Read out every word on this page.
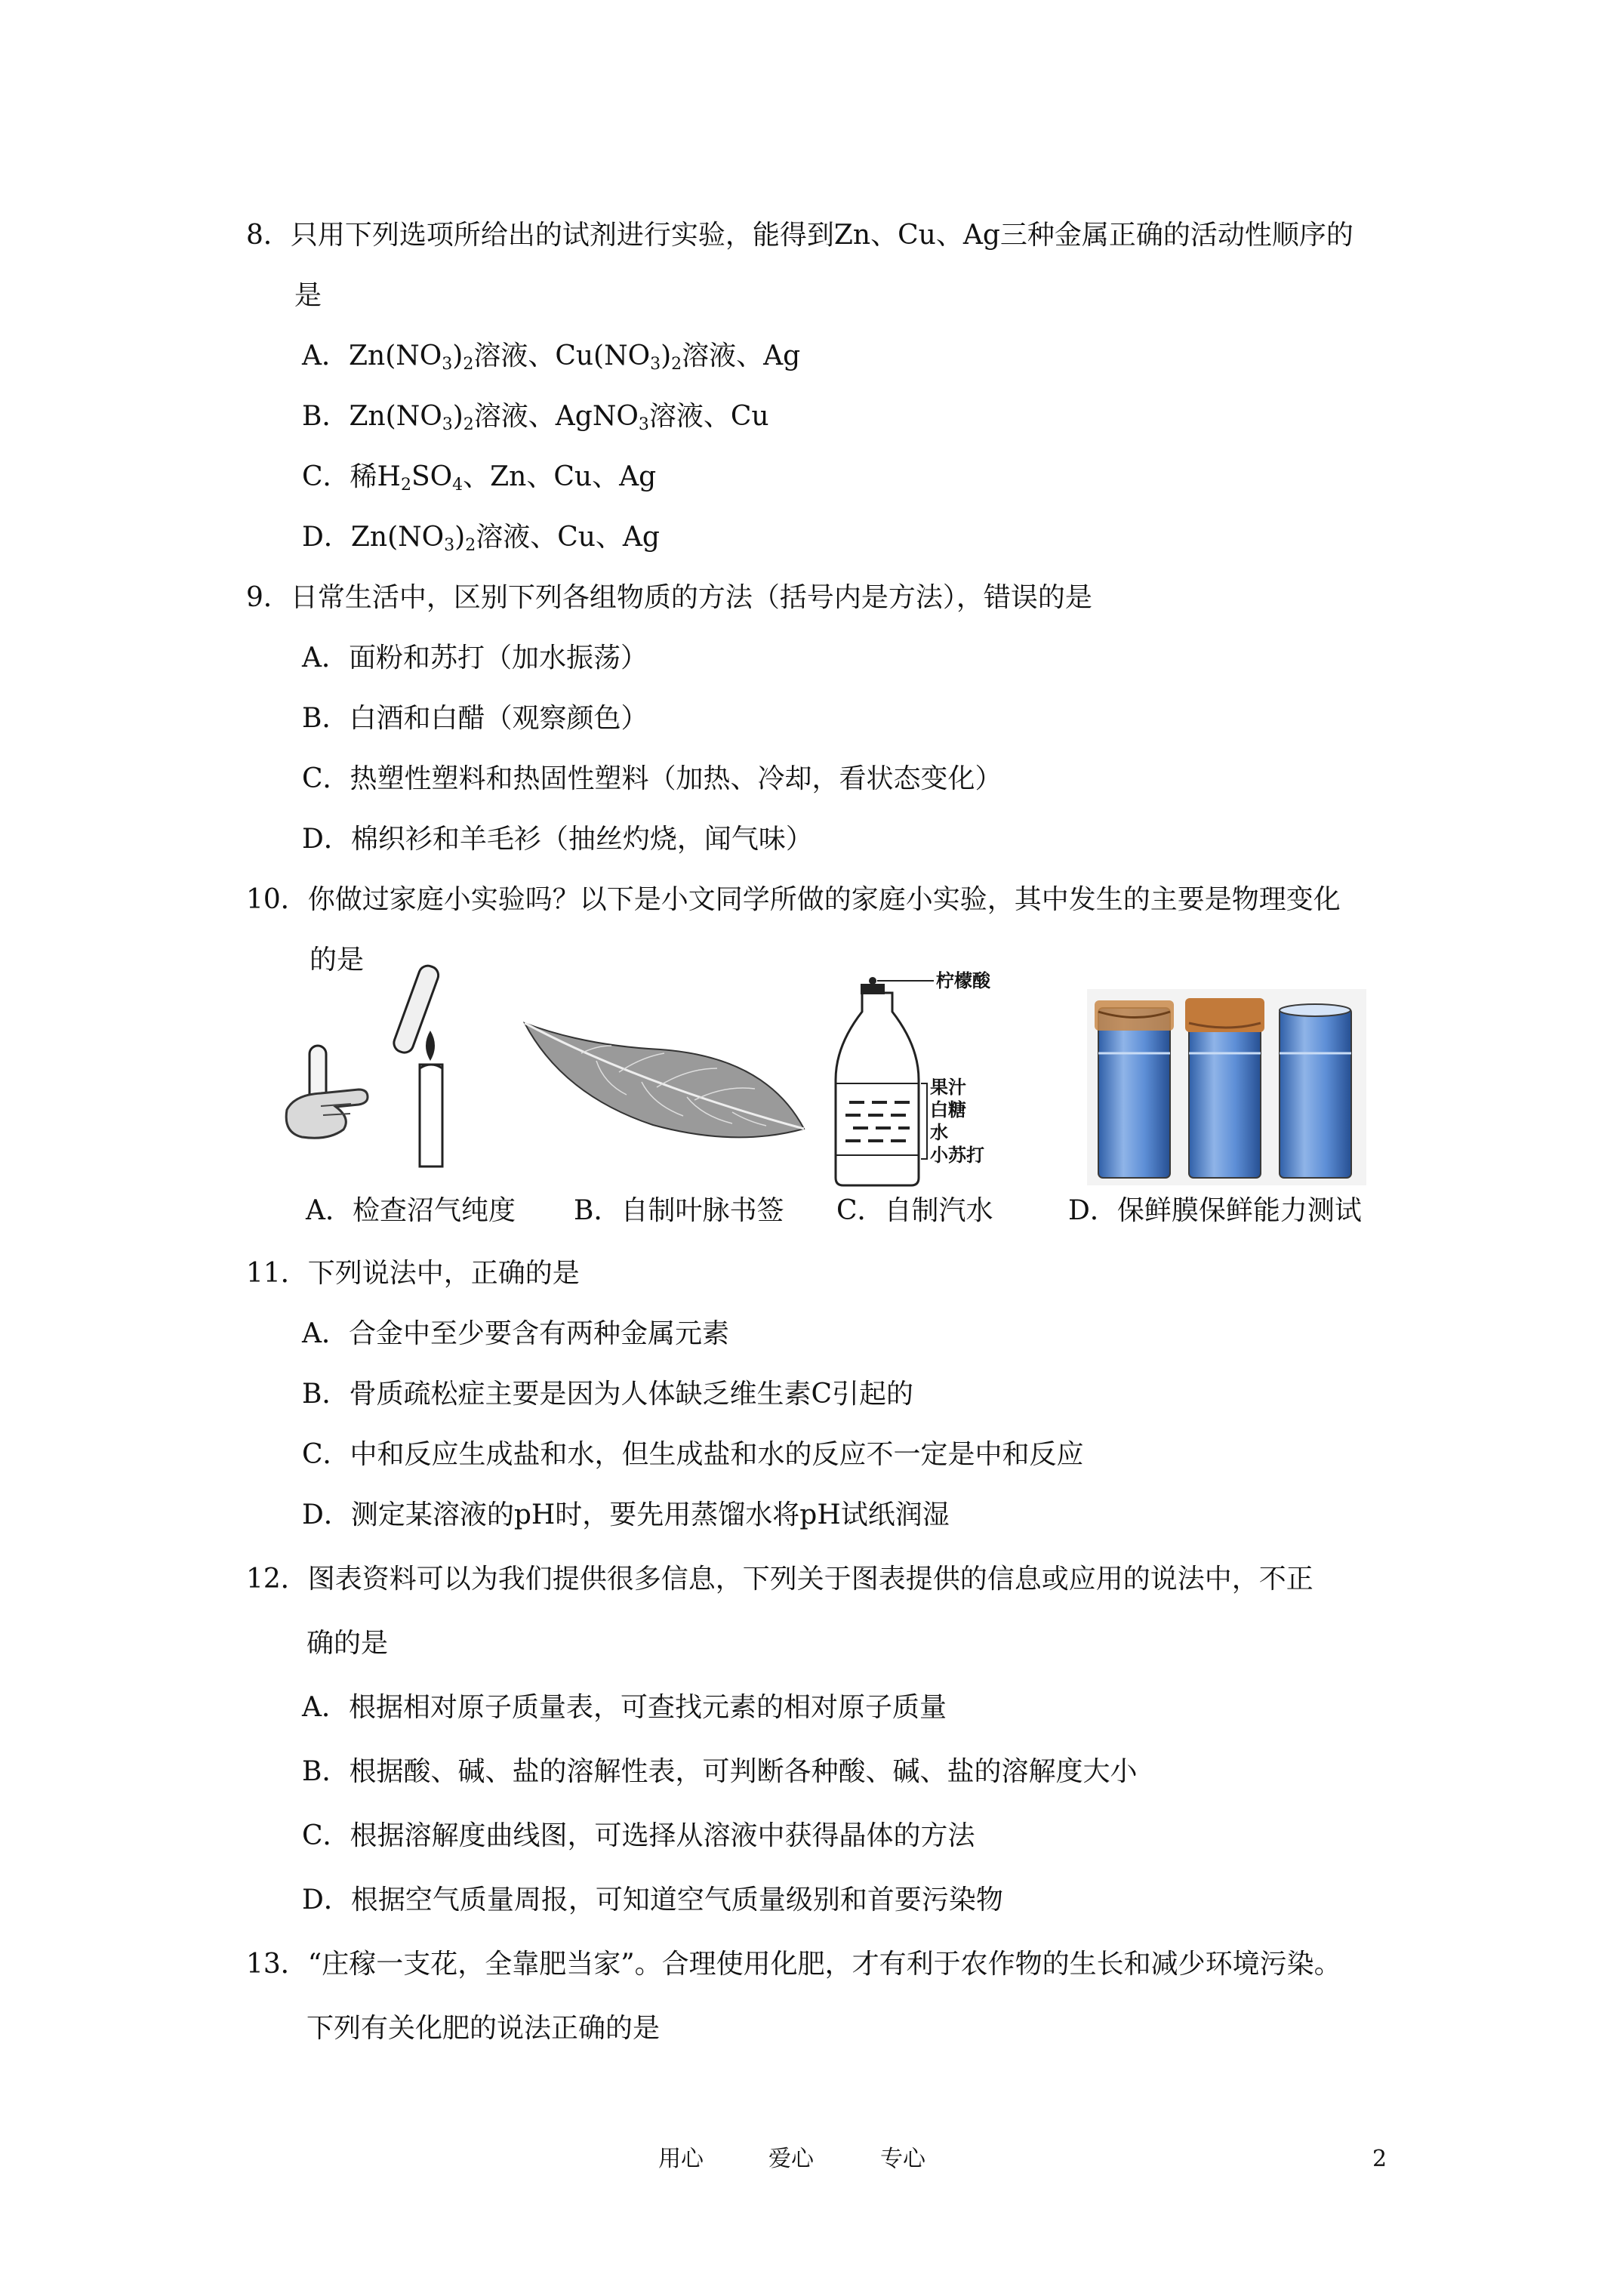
8．只用下列选项所给出的试剂进行实验，能得到Zn、Cu、Ag三种金属正确的活动性顺序的
是
A．$Zn(NO_3)_2$溶液、$Cu(NO_3)_2$溶液、Ag
B．$Zn(NO_3)_2$溶液、AgNO$_3$溶液、Cu
C．稀$H_2SO_4$、Zn、Cu、Ag
D．$Zn(NO_3)_2$溶液、Cu、Ag
9．日常生活中，区别下列各组物质的方法（括号内是方法），错误的是
A．面粉和苏打（加水振荡）
B．白酒和白醋（观察颜色）
C．热塑性塑料和热固性塑料（加热、冷却，看状态变化）
D．棉织衫和羊毛衫（抽丝灼烧，闻气味）
10．你做过家庭小实验吗？以下是小文同学所做的家庭小实验，其中发生的主要是物理变化
的是
柠檬酸
果汁
白糖
水
小苏打
A．检查沼气纯度 B．自制叶脉书签 C．自制汽水	D．保鲜膜保鲜能力测试
11．下列说法中，正确的是
A．合金中至少要含有两种金属元素
B．骨质疏松症主要是因为人体缺乏维生素C引起的
C．中和反应生成盐和水，但生成盐和水的反应不一定是中和反应
D．测定某溶液的pH时，要先用蒸馏水将pH试纸润湿
12．图表资料可以为我们提供很多信息，下列关于图表提供的信息或应用的说法中，不正
确的是
A．根据相对原子质量表，可查找元素的相对原子质量
B．根据酸、碱、盐的溶解性表，可判断各种酸、碱、盐的溶解度大小
C．根据溶解度曲线图，可选择从溶液中获得晶体的方法
D．根据空气质量周报，可知道空气质量级别和首要污染物
13．“庄稼一支花，全靠肥当家”。合理使用化肥，才有利于农作物的生长和减少环境污染。
下列有关化肥的说法正确的是
用心	爱心	专心	2
